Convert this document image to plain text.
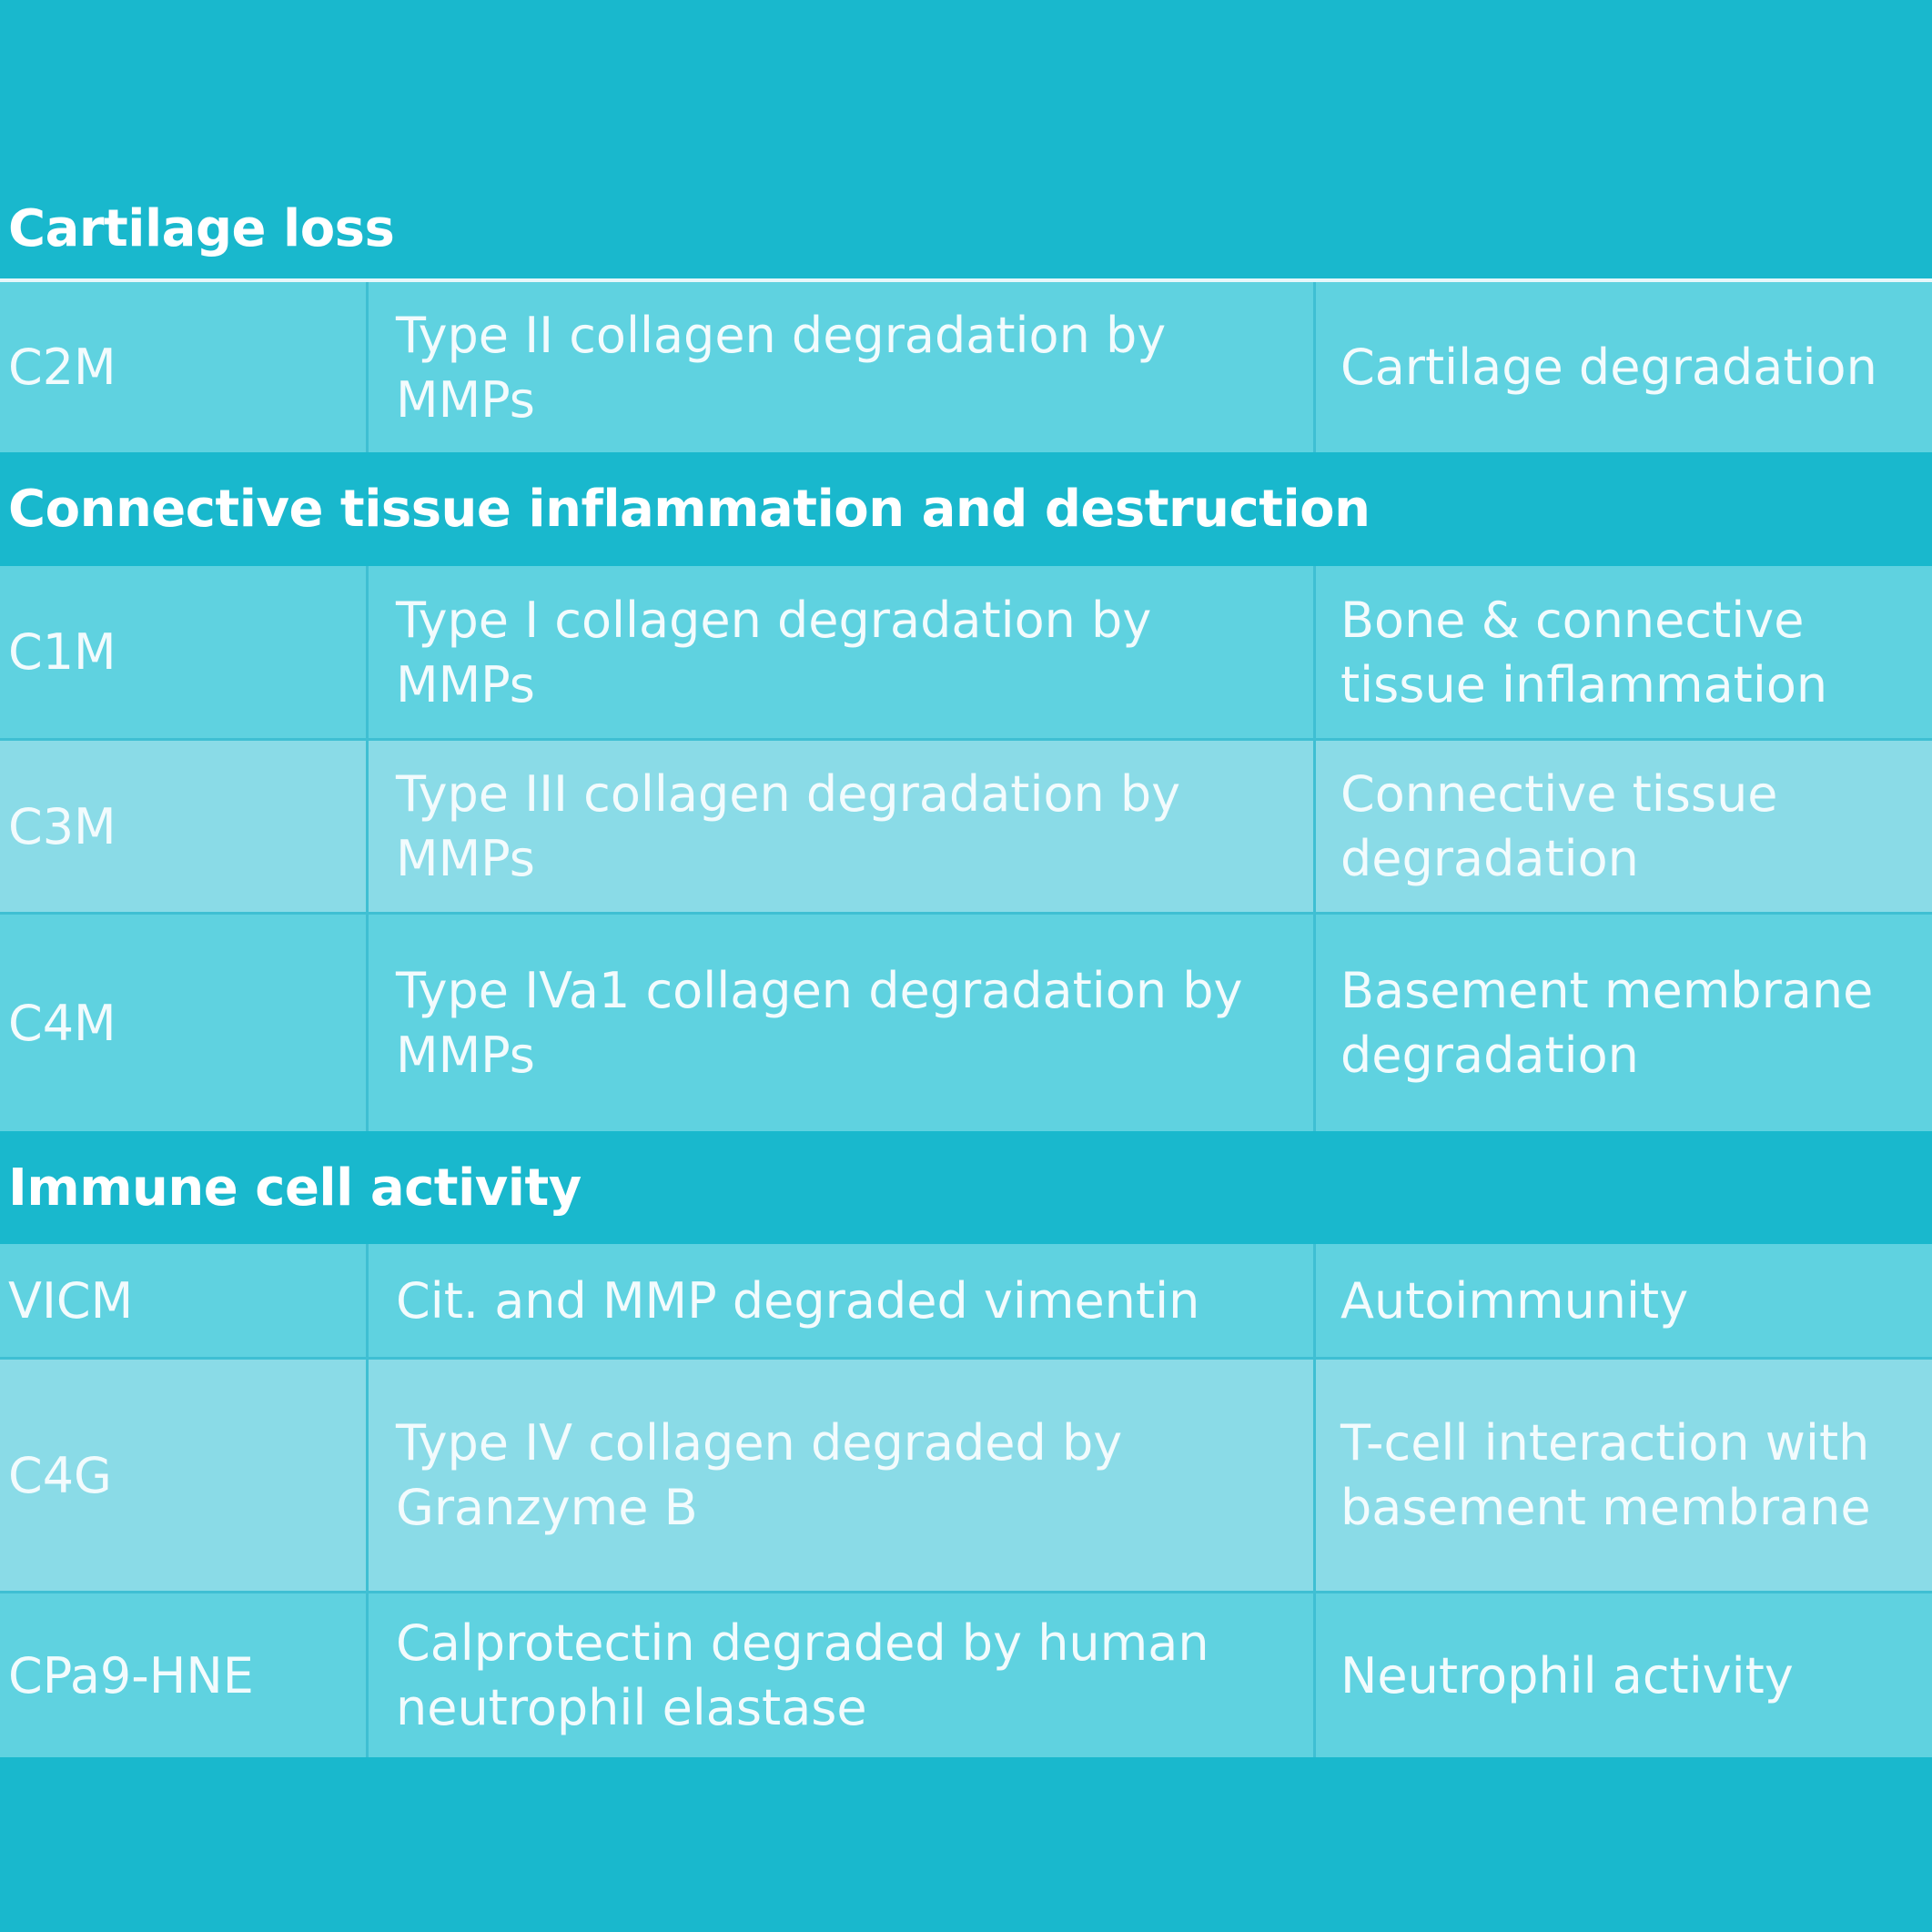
Cartilage loss
C2M
Type II collagen degradation by MMPs
Cartilage degradation
Connective tissue inflammation and destruction
C1M
Type I collagen degradation by MMPs
Bone & connective tissue inflammation
C3M
Type III collagen degradation by MMPs
Connective tissue degradation
C4M
Type IVa1 collagen degradation by MMPs
Basement membrane degradation
Immune cell activity
VICM	Cit. and MMP degraded vimentin	Autoimmunity
C4G
Type IV collagen degraded by Granzyme B
T-cell interaction with basement membrane
CPa9-HNE
Calprotectin degraded by human neutrophil elastase
Neutrophil activity
